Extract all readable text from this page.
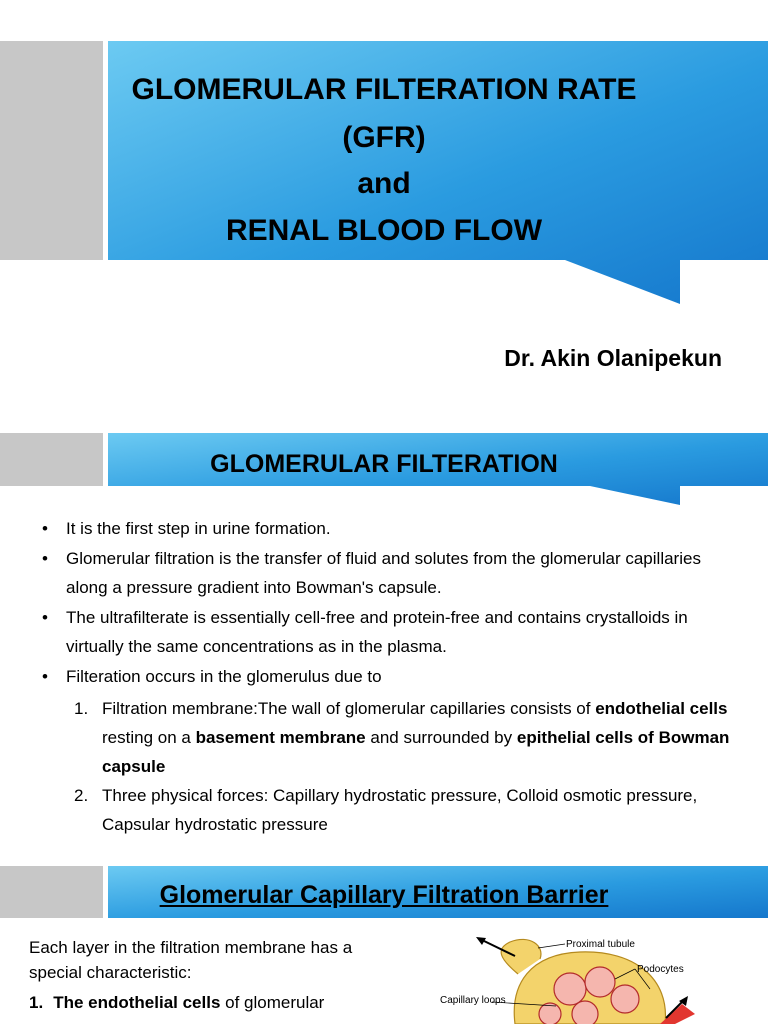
GLOMERULAR FILTERATION RATE
(GFR)
and
RENAL BLOOD FLOW
Dr. Akin Olanipekun
GLOMERULAR FILTERATION
• It is the first step in urine formation.
• Glomerular filtration is the transfer of fluid and solutes from the glomerular capillaries along a pressure gradient into Bowman's capsule.
• The ultrafilterate is essentially cell-free and protein-free and contains crystalloids in virtually the same concentrations as in the plasma.
• Filteration occurs in the glomerulus due to
1. Filtration membrane:The wall of glomerular capillaries consists of endothelial cells resting on a basement membrane and surrounded by epithelial cells of Bowman capsule
2. Three physical forces: Capillary hydrostatic pressure, Colloid osmotic pressure, Capsular hydrostatic pressure
Glomerular Capillary Filtration Barrier
Each layer in the filtration membrane has a special characteristic:
1. The endothelial cells of glomerular
Proximal tubule
Podocytes
Capillary loops
